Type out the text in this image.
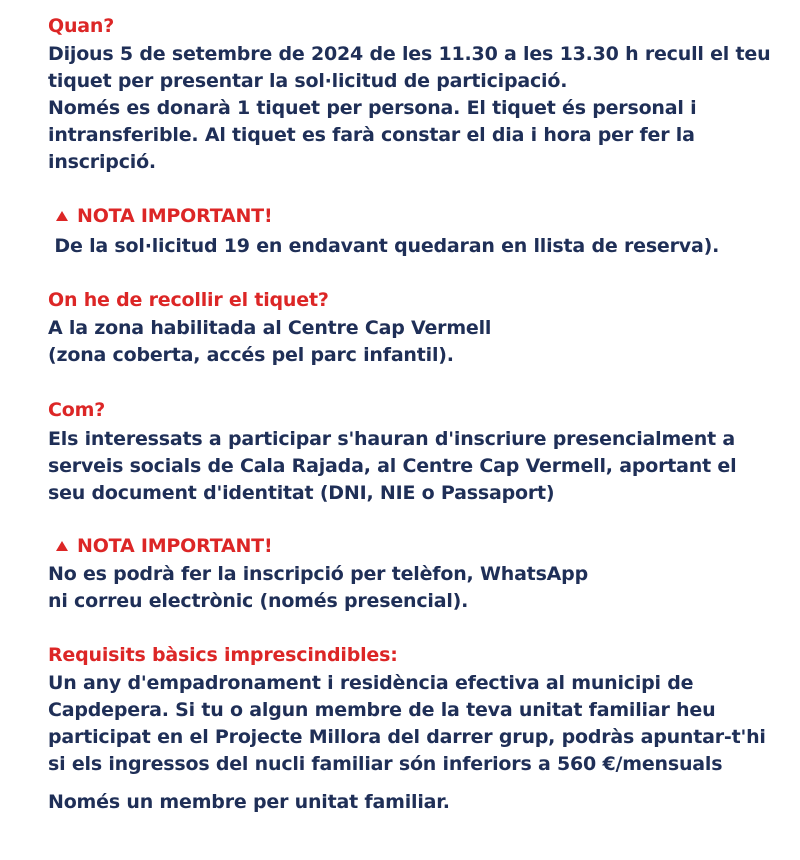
Quan?
Dijous 5 de setembre de 2024 de les 11.30 a les 13.30 h recull el teu
tiquet per presentar la sol·licitud de participació.
Només es donarà 1 tiquet per persona. El tiquet és personal i
intransferible. Al tiquet es farà constar el dia i hora per fer la
inscripció.
NOTA IMPORTANT!
De la sol·licitud 19 en endavant quedaran en llista de reserva).
On he de recollir el tiquet?
A la zona habilitada al Centre Cap Vermell
(zona coberta, accés pel parc infantil).
Com?
Els interessats a participar s'hauran d'inscriure presencialment a
serveis socials de Cala Rajada, al Centre Cap Vermell, aportant el
seu document d'identitat (DNI, NIE o Passaport)
NOTA IMPORTANT!
No es podrà fer la inscripció per telèfon, WhatsApp
ni correu electrònic (només presencial).
Requisits bàsics imprescindibles:
Un any d'empadronament i residència efectiva al municipi de
Capdepera. Si tu o algun membre de la teva unitat familiar heu
participat en el Projecte Millora del darrer grup, podràs apuntar-t'hi
si els ingressos del nucli familiar són inferiors a 560 €/mensuals
Només un membre per unitat familiar.
